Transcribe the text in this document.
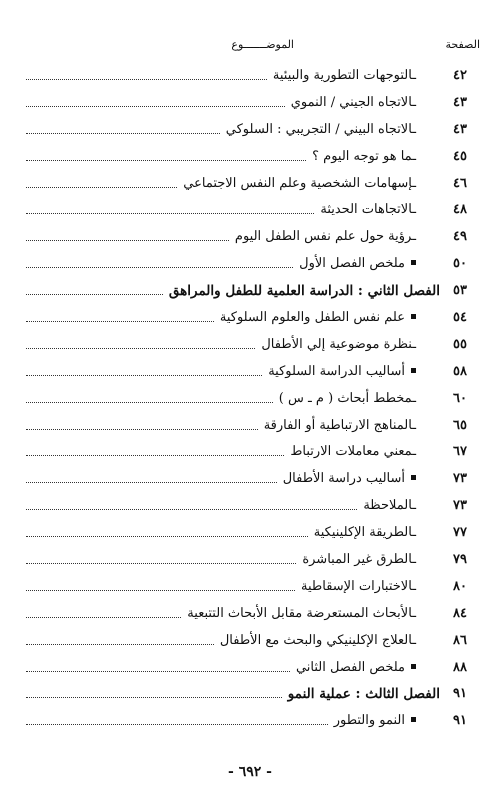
الصفحة
الموضـــــــوع
٤٢
ـالتوجهات التطورية والبيئية
٤٣
ـالاتجاه الجيني / النموي
٤٣
ـالاتجاه البيني / التجريبي : السلوكي
٤٥
ـما هو توجه اليوم ؟
٤٦
ـإسهامات الشخصية وعلم النفس الاجتماعي
٤٨
ـالاتجاهات الحديثة
٤٩
ـرؤية حول علم نفس الطفل اليوم
٥٠
ملخص الفصل الأول
٥٣
الفصل الثاني : الدراسة العلمية للطفل والمراهق
٥٤
علم نفس الطفل والعلوم السلوكية
٥٥
ـنظرة موضوعية إلي الأطفال
٥٨
أساليب الدراسة السلوكية
٦٠
ـمخطط أبحاث ( م ـ س )
٦٥
ـالمناهج الارتباطية أو الفارقة
٦٧
ـمعني معاملات الارتباط
٧٣
أساليب دراسة الأطفال
٧٣
ـالملاحظة
٧٧
ـالطريقة الإكلينيكية
٧٩
ـالطرق غير المباشرة
٨٠
ـالاختبارات الإسقاطية
٨٤
ـالأبحاث المستعرضة مقابل الأبحاث التتبعية
٨٦
ـالعلاج الإكلينيكي والبحث مع الأطفال
٨٨
ملخص الفصل الثاني
٩١
الفصل الثالث : عملية النمو
٩١
النمو والتطور
- ٦٩٢ -
